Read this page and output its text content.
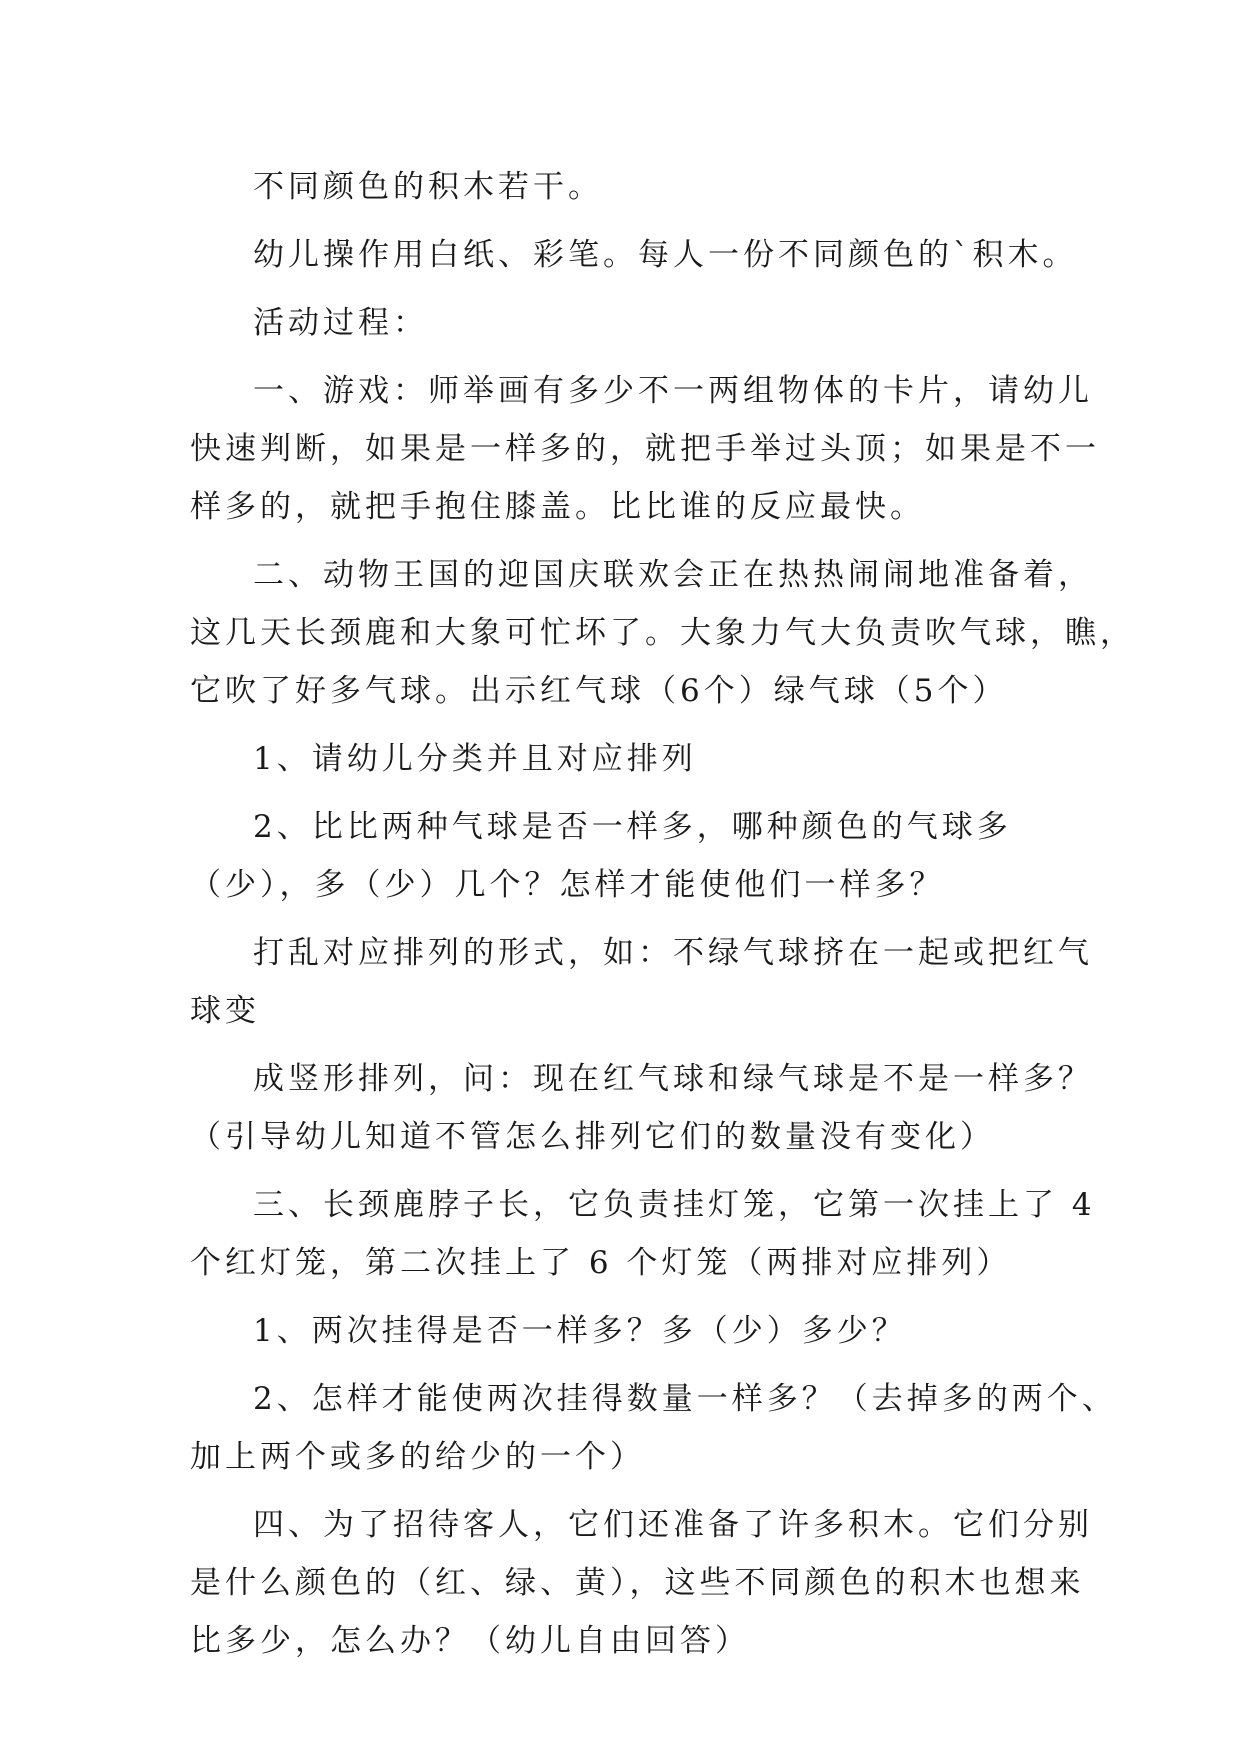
不同颜色的积木若干。

幼儿操作用白纸、彩笔。每人一份不同颜色的`积木。

活动过程：

一、游戏：师举画有多少不一两组物体的卡片，请幼儿

快速判断，如果是一样多的，就把手举过头顶；如果是不一

样多的，就把手抱住膝盖。比比谁的反应最快。

二、动物王国的迎国庆联欢会正在热热闹闹地准备着，

这几天长颈鹿和大象可忙坏了。大象力气大负责吹气球，瞧，

它吹了好多气球。出示红气球（6个）绿气球（5个）

1、请幼儿分类并且对应排列

2、比比两种气球是否一样多，哪种颜色的气球多

（少），多（少）几个？怎样才能使他们一样多？

打乱对应排列的形式，如：不绿气球挤在一起或把红气

球变

成竖形排列，问：现在红气球和绿气球是不是一样多？

（引导幼儿知道不管怎么排列它们的数量没有变化）

三、长颈鹿脖子长，它负责挂灯笼，它第一次挂上了 4

个红灯笼，第二次挂上了 6 个灯笼（两排对应排列）

1、两次挂得是否一样多？多（少）多少？

2、怎样才能使两次挂得数量一样多？（去掉多的两个、

加上两个或多的给少的一个）

四、为了招待客人，它们还准备了许多积木。它们分别

是什么颜色的（红、绿、黄），这些不同颜色的积木也想来

比多少，怎么办？（幼儿自由回答）
